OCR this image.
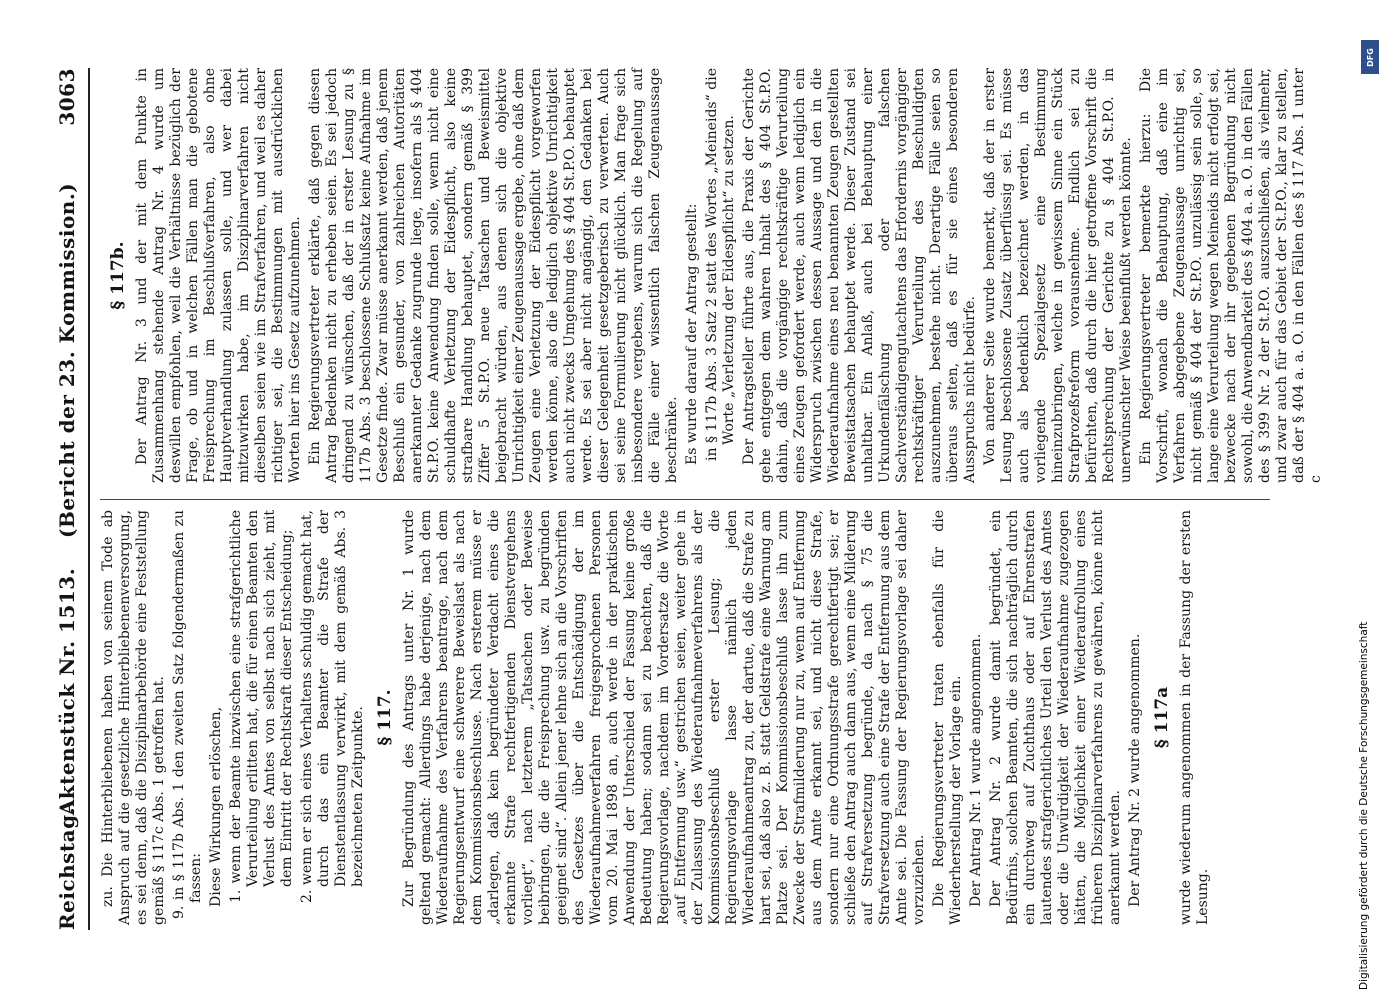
Reichstag.
Aktenstück Nr. 1513.    (Bericht der 23. Kommission.)
3063

zu. Die Hinterbliebenen haben von seinem Tode ab Anspruch auf die gesetzliche Hinterbliebenenversorgung, es sei denn, daß die Disziplinarbehörde eine Feststellung gemäß § 117c Abs. 1 getroffen hat. 9. in § 117b Abs. 1 den zweiten Satz folgendermaßen zu fassen: Diese Wirkungen erlöschen, 1. wenn der Beamte inzwischen eine strafgerichtliche Verurteilung erlitten hat, die für einen Beamten den Verlust des Amtes von selbst nach sich zieht, mit dem Eintritt der Rechtskraft dieser Entscheidung; 2. wenn er sich eines Verhaltens schuldig gemacht hat, durch das ein Beamter die Strafe der Dienstentlassung verwirkt, mit dem gemäß Abs. 3 bezeichneten Zeitpunkte. § 117. Zur Begründung des Antrags unter Nr. 1 wurde geltend gemacht: Allerdings habe derjenige, nach dem Wiederaufnahme des Verfahrens beantrage, nach dem Regierungsentwurf eine schwerere Beweislast als nach dem Kommissionsbeschlusse. Nach ersterem müsse er „darlegen, daß kein begründeter Verdacht eines die erkannte Strafe rechtfertigenden Dienstvergehens vorliegt“, nach letzterem „Tatsachen oder Beweise beibringen, die die Freisprechung usw. zu begründen geeignet sind“. Allein jener lehne sich an die Vorschriften des Gesetzes über die Entschädigung der im Wiederaufnahmeverfahren freigesprochenen Personen vom 20. Mai 1898 an, auch werde in der praktischen Anwendung der Unterschied der Fassung keine große Bedeutung haben; sodann sei zu beachten, daß die Regierungsvorlage, nachdem im Vordersatze die Worte „auf Entfernung usw.“ gestrichen seien, weiter gehe in der Zulassung des Wiederaufnahmeverfahrens als der Kommissionsbeschluß erster Lesung; die Regierungsvorlage lasse nämlich jeden Wiederaufnahmeantrag zu, der dartue, daß die Strafe zu hart sei, daß also z. B. statt Geldstrafe eine Warnung am Platze sei. Der Kommissionsbeschluß lasse ihn zum Zwecke der Strafmilderung nur zu, wenn auf Entfernung aus dem Amte erkannt sei, und nicht diese Strafe, sondern nur eine Ordnungsstrafe gerechtfertigt sei; er schließe den Antrag auch dann aus, wenn eine Milderung auf Strafversetzung begründe, da nach § 75 die Strafversetzung auch eine Strafe der Entfernung aus dem Amte sei. Die Fassung der Regierungsvorlage sei daher vorzuziehen. Die Regierungsvertreter traten ebenfalls für die Wiederherstellung der Vorlage ein. Der Antrag Nr. 1 wurde angenommen. Der Antrag Nr. 2 wurde damit begründet, ein Bedürfnis, solchen Beamten, die sich nachträglich durch ein durchweg auf Zuchthaus oder auf Ehrenstrafen lautendes strafgerichtliches Urteil den Verlust des Amtes oder die Unwürdigkeit der Wiederaufnahme zugezogen hätten, die Möglichkeit einer Wiederaufrollung eines früheren Disziplinarverfahrens zu gewähren, könne nicht anerkannt werden. Der Antrag Nr. 2 wurde angenommen. § 117a wurde wiederum angenommen in der Fassung der ersten Lesung.

§ 117b. Der Antrag Nr. 3 und der mit dem Punkte in Zusammenhang stehende Antrag Nr. 4 wurde um deswillen empfohlen, weil die Verhältnisse bezüglich der Frage, ob und in welchen Fällen man die gebotene Freisprechung im Beschlußverfahren, also ohne Hauptverhandlung zulassen solle, und wer dabei mitzuwirken habe, im Disziplinarverfahren nicht dieselben seien wie im Strafverfahren, und weil es daher richtiger sei, die Bestimmungen mit ausdrücklichen Worten hier ins Gesetz aufzunehmen. Ein Regierungsvertreter erklärte, daß gegen diesen Antrag Bedenken nicht zu erheben seien. Es sei jedoch dringend zu wünschen, daß der in erster Lesung zu § 117b Abs. 3 beschlossene Schlußsatz keine Aufnahme im Gesetze finde. Zwar müsse anerkannt werden, daß jenem Beschluß ein gesunder, von zahlreichen Autoritäten anerkannter Gedanke zugrunde liege, insofern als § 404 St.P.O. keine Anwendung finden solle, wenn nicht eine schuldhafte Verletzung der Eidespflicht, also keine strafbare Handlung behauptet, sondern gemäß § 399 Ziffer 5 St.P.O. neue Tatsachen und Beweismittel beigebracht würden, aus denen sich die objektive Unrichtigkeit einer Zeugenaussage ergebe, ohne daß dem Zeugen eine Verletzung der Eidespflicht vorgeworfen werden könne, also die lediglich objektive Unrichtigkeit auch nicht zwecks Umgehung des § 404 St.P.O. behauptet werde. Es sei aber nicht angängig, den Gedanken bei dieser Gelegenheit gesetzgeberisch zu verwerten. Auch sei seine Formulierung nicht glücklich. Man frage sich insbesondere vergebens, warum sich die Regelung auf die Fälle einer wissentlich falschen Zeugenaussage beschränke. Es wurde darauf der Antrag gestellt: in § 117b Abs. 3 Satz 2 statt des Wortes „Meineids“ die Worte „Verletzung der Eidespflicht“ zu setzen. Der Antragsteller führte aus, die Praxis der Gerichte gehe entgegen dem wahren Inhalt des § 404 St.P.O. dahin, daß die vorgängige rechtskräftige Verurteilung eines Zeugen gefordert werde, auch wenn lediglich ein Widerspruch zwischen dessen Aussage und den in die Wiederaufnahme eines neu benannten Zeugen gestellten Beweistatsachen behauptet werde. Dieser Zustand sei unhaltbar. Ein Anlaß, auch bei Behauptung einer Urkundenfälschung oder falschen Sachverständigengutachtens das Erfordernis vorgängiger rechtskräftiger Verurteilung des Beschuldigten auszunehmen, bestehe nicht. Derartige Fälle seien so überaus selten, daß es für sie eines besonderen Ausspruchs nicht bedürfe. Von anderer Seite wurde bemerkt, daß der in erster Lesung beschlossene Zusatz überflüssig sei. Es müsse auch als bedenklich bezeichnet werden, in das vorliegende Spezialgesetz eine Bestimmung hineinzubringen, welche in gewissem Sinne ein Stück Strafprozeßreform vorausnehme. Endlich sei zu befürchten, daß durch die hier getroffene Vorschrift die Rechtsprechung der Gerichte zu § 404 St.P.O. in unerwünschter Weise beeinflußt werden könnte. Ein Regierungsvertreter bemerkte hierzu: Die Vorschrift, wonach die Behauptung, daß eine im Verfahren abgegebene Zeugenaussage unrichtig sei, nicht gemäß § 404 der St.P.O. unzulässig sein solle, so lange eine Verurteilung wegen Meineids nicht erfolgt sei, bezwecke nach der ihr gegebenen Begründung nicht sowohl, die Anwendbarkeit des § 404 a. a. O. in den Fällen des § 399 Nr. 2 der St.P.O. auszuschließen, als vielmehr, und zwar auch für das Gebiet der St.P.O., klar zu stellen, daß der § 404 a. a. O. in den Fällen des § 117 Abs. 1 unter c

Digitalisierung gefördert durch die Deutsche Forschungsgemeinschaft
DFG
